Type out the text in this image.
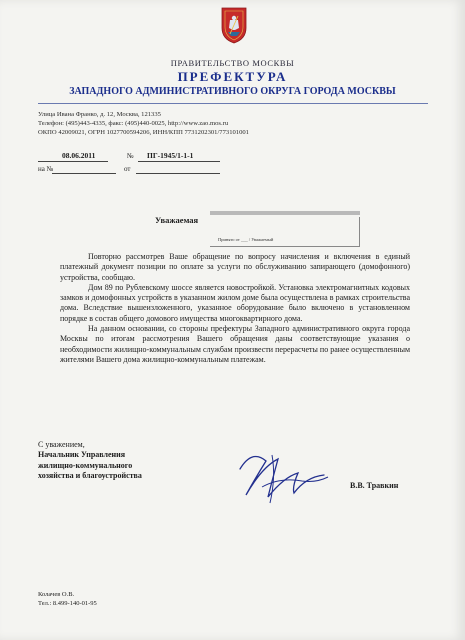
ПРАВИТЕЛЬСТВО МОСКВЫ
ПРЕФЕКТУРА
ЗАПАДНОГО АДМИНИСТРАТИВНОГО ОКРУГА ГОРОДА МОСКВЫ
Улица Ивана Франко, д. 12, Москва, 121335
Телефон: (495)443-4335, факс: (495)440-0025, http://www.zao.mos.ru
ОКПО 42009021, ОГРН 1027700594206, ИНН/КПП 7731202301/773101001
08.06.2011	№ ПГ-1945/1-1-1
на №	от
Принято от ___ / Уважаемый
Уважаемая

Повторно рассмотрев Ваше обращение по вопросу начисления и включения в единый платежный документ позиции по оплате за услуги по обслуживанию запирающего (домофонного) устройства, сообщаю.

Дом 89 по Рублевскому шоссе является новостройкой. Установка электромагнитных кодовых замков и домофонных устройств в указанном жилом доме была осуществлена в рамках строительства дома. Вследствие вышеизложенного, указанное оборудование было включено в установленном порядке в состав общего домового имущества многоквартирного дома.

На данном основании, со стороны префектуры Западного административного округа города Москвы по итогам рассмотрения Вашего обращения даны соответствующие указания о необходимости жилищно-коммунальным службам произвести перерасчеты по ранее осуществленным жителями Вашего дома жилищно-коммунальным платежам.

С уважением,
Начальник Управления
жилищно-коммунального
хозяйства и благоустройства
В.В. Травкин
Колачев О.В.
Тел.: 8.499-140-01-95
